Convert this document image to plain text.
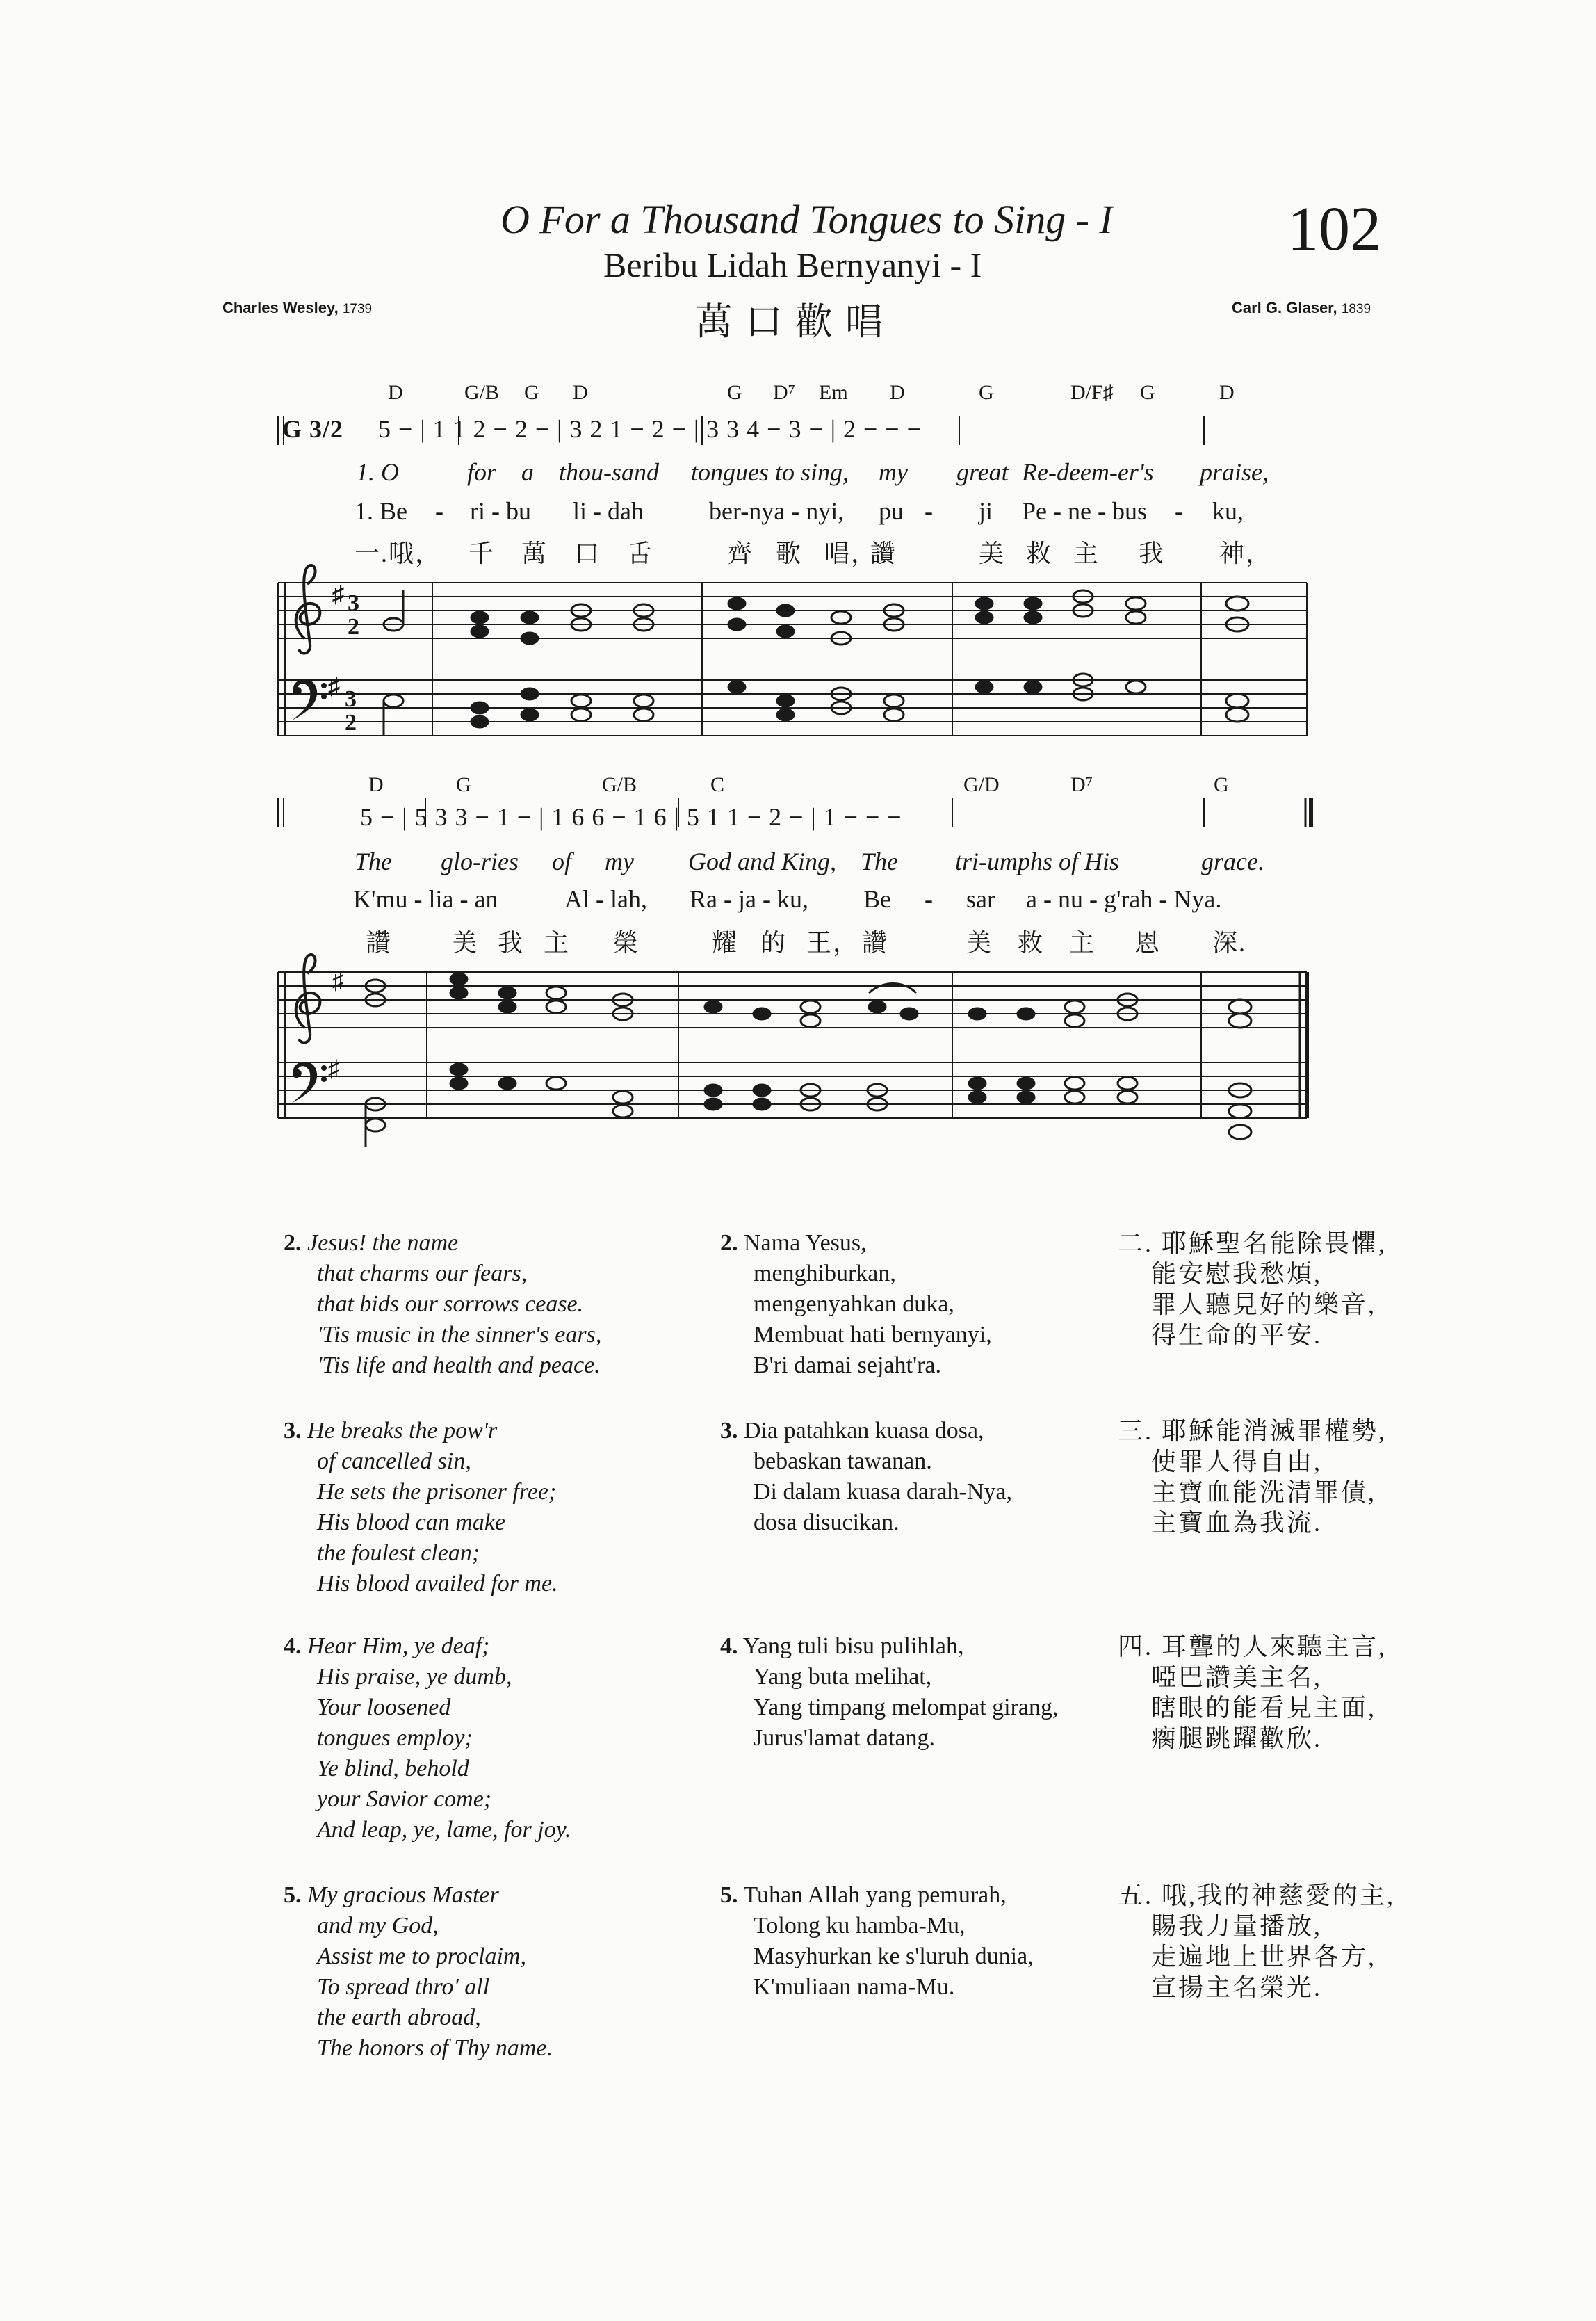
O For a Thousand Tongues to Sing - I
Beribu Lidah Bernyanyi - I
萬口歡唱
102
Charles Wesley, 1739	Carl G. Glaser, 1839
D	G/B G D	G D⁷ Em D	G	D/F♯ G	D
G 3/2 5 − | 1 1 2 − 2 − | 3 2 1 − 2 − | 3 3 4 − 3 − | 2 − − −
1. O	for a thou-sand tongues to sing, my great Re-deem-er's praise,
1. Be - ri - bu li - dah	ber-nya - nyi, pu - ji Pe - ne - bus - ku,
一.哦， 千 萬 口 舌	齊 歌 唱，
讚	美 救 主 我 神，
♯ 3
2
♯ 3
2
♯
♯
D	G	G/B	C	G/D	D⁷	G
5 − | 5 3 3 − 1 − | 1 6 6 − 1 6 | 5 1 1 − 2 − | 1 − − −
The glo-ries of my God and King, The tri-umphs of His	grace.
K'mu - lia - an	Al - lah, Ra - ja - ku, Be - sar a - nu - g'rah - Nya.
讚 美 我 主 榮	耀 的 王， 讚	美 救 主 恩 深.

2. Jesus! the name

that charms our fears,

that bids our sorrows cease.

'Tis music in the sinner's ears,

'Tis life and health and peace.

2. Nama Yesus,

menghiburkan,

mengenyahkan duka,

Membuat hati bernyanyi,

B'ri damai sejaht'ra.

二. 耶穌聖名能除畏懼,

能安慰我愁煩,

罪人聽見好的樂音,

得生命的平安.

3. He breaks the pow'r

of cancelled sin,

He sets the prisoner free;

His blood can make

the foulest clean;

His blood availed for me.

3. Dia patahkan kuasa dosa,

bebaskan tawanan.

Di dalam kuasa darah-Nya,

dosa disucikan.

三. 耶穌能消滅罪權勢,

使罪人得自由,

主寶血能洗清罪債,

主寶血為我流.

4. Hear Him, ye deaf;

His praise, ye dumb,

Your loosened

tongues employ;

Ye blind, behold

your Savior come;

And leap, ye, lame, for joy.

4. Yang tuli bisu pulihlah,

Yang buta melihat,

Yang timpang melompat girang,

Jurus'lamat datang.

四. 耳聾的人來聽主言,

啞巴讚美主名,

瞎眼的能看見主面,

瘸腿跳躍歡欣.

5. My gracious Master

and my God,

Assist me to proclaim,

To spread thro' all

the earth abroad,

The honors of Thy name.

5. Tuhan Allah yang pemurah,

Tolong ku hamba-Mu,

Masyhurkan ke s'luruh dunia,

K'muliaan nama-Mu.

五. 哦,我的神慈愛的主,

賜我力量播放,

走遍地上世界各方,

宣揚主名榮光.
